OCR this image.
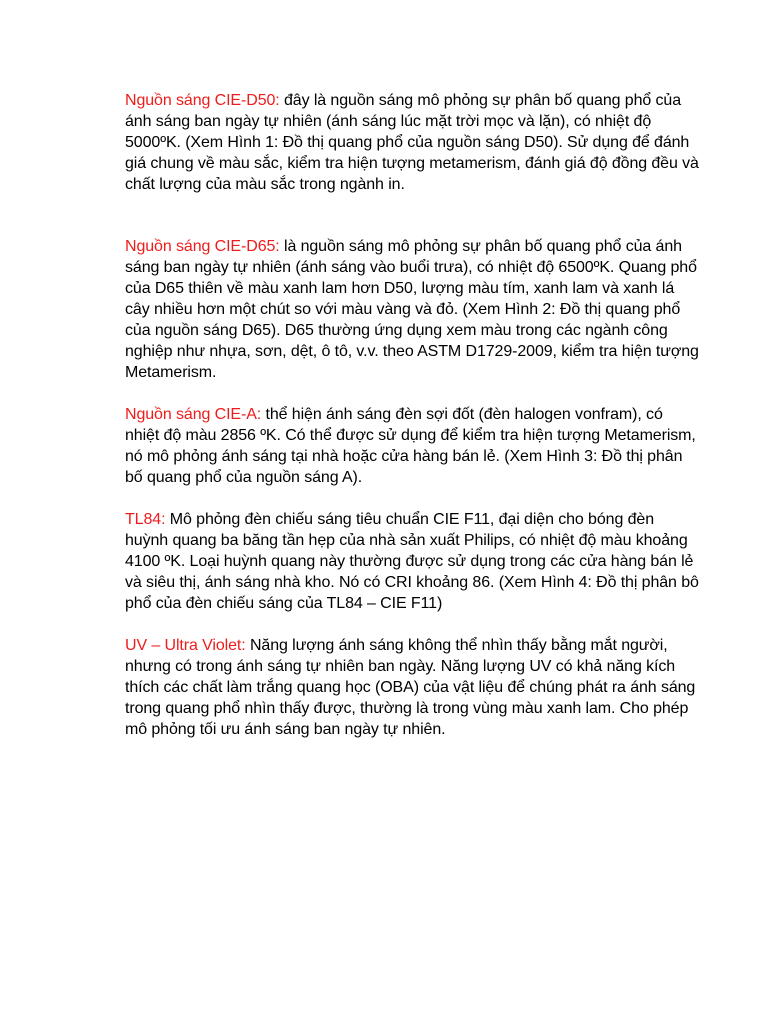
Nguồn sáng CIE-D50: đây là nguồn sáng mô phỏng sự phân bố quang phổ của ánh sáng ban ngày tự nhiên (ánh sáng lúc mặt trời mọc và lặn), có nhiệt độ 5000ºK. (Xem Hình 1: Đồ thị quang phổ của nguồn sáng D50). Sử dụng để đánh giá chung về màu sắc, kiểm tra hiện tượng metamerism, đánh giá độ đồng đều và chất lượng của màu sắc trong ngành in.

Nguồn sáng CIE-D65: là nguồn sáng mô phỏng sự phân bố quang phổ của ánh sáng ban ngày tự nhiên (ánh sáng vào buổi trưa), có nhiệt độ 6500ºK. Quang phổ của D65 thiên về màu xanh lam hơn D50, lượng màu tím, xanh lam và xanh lá cây nhiều hơn một chút so với màu vàng và đỏ. (Xem Hình 2: Đồ thị quang phổ của nguồn sáng D65). D65 thường ứng dụng xem màu trong các ngành công nghiệp như nhựa, sơn, dệt, ô tô, v.v. theo ASTM D1729-2009, kiểm tra hiện tượng Metamerism.

Nguồn sáng CIE-A: thể hiện ánh sáng đèn sợi đốt (đèn halogen vonfram), có nhiệt độ màu 2856 ºK. Có thể được sử dụng để kiểm tra hiện tượng Metamerism, nó mô phỏng ánh sáng tại nhà hoặc cửa hàng bán lẻ. (Xem Hình 3: Đồ thị phân bố quang phổ của nguồn sáng A).

TL84: Mô phỏng đèn chiếu sáng tiêu chuẩn CIE F11, đại diện cho bóng đèn huỳnh quang ba băng tần hẹp của nhà sản xuất Philips, có nhiệt độ màu khoảng 4100 ºK. Loại huỳnh quang này thường được sử dụng trong các cửa hàng bán lẻ và siêu thị, ánh sáng nhà kho. Nó có CRI khoảng 86. (Xem Hình 4: Đồ thị phân bô phổ của đèn chiếu sáng của TL84 – CIE F11)

UV – Ultra Violet: Năng lượng ánh sáng không thể nhìn thấy bằng mắt người, nhưng có trong ánh sáng tự nhiên ban ngày. Năng lượng UV có khả năng kích thích các chất làm trắng quang học (OBA) của vật liệu để chúng phát ra ánh sáng trong quang phổ nhìn thấy được, thường là trong vùng màu xanh lam. Cho phép mô phỏng tối ưu ánh sáng ban ngày tự nhiên.
